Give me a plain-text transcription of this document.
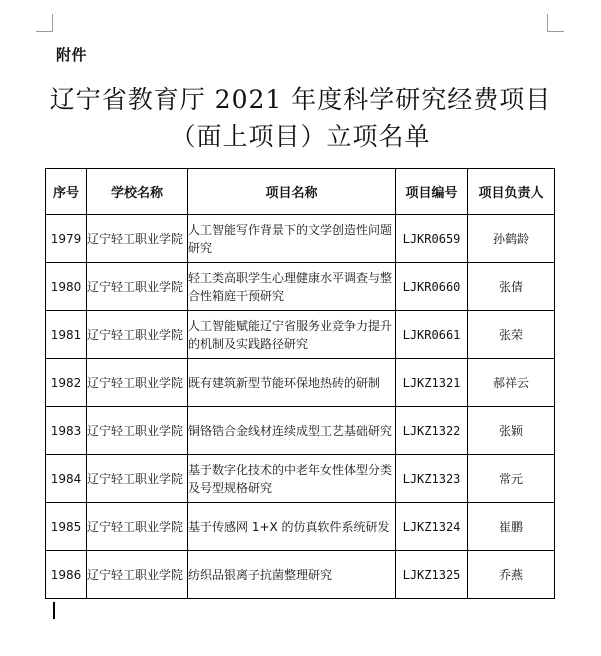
附件
辽宁省教育厅 2021 年度科学研究经费项目
（面上项目）立项名单
序号	学校名称	项目名称	项目编号	项目负责人
1979	辽宁轻工职业学院	人工智能写作背景下的文学创造性问题研究	LJKR0659	孙鹤龄
1980	辽宁轻工职业学院	轻工类高职学生心理健康水平调查与整合性箱庭干预研究	LJKR0660	张倩
1981	辽宁轻工职业学院	人工智能赋能辽宁省服务业竞争力提升的机制及实践路径研究	LJKR0661	张荣
1982	辽宁轻工职业学院	既有建筑新型节能环保地热砖的研制	LJKZ1321	郝祥云
1983	辽宁轻工职业学院	铜铬锆合金线材连续成型工艺基础研究	LJKZ1322	张颖
1984	辽宁轻工职业学院	基于数字化技术的中老年女性体型分类及号型规格研究	LJKZ1323	常元
1985	辽宁轻工职业学院	基于传感网 1+X 的仿真软件系统研发	LJKZ1324	崔鹏
1986	辽宁轻工职业学院	纺织品银离子抗菌整理研究	LJKZ1325	乔燕
